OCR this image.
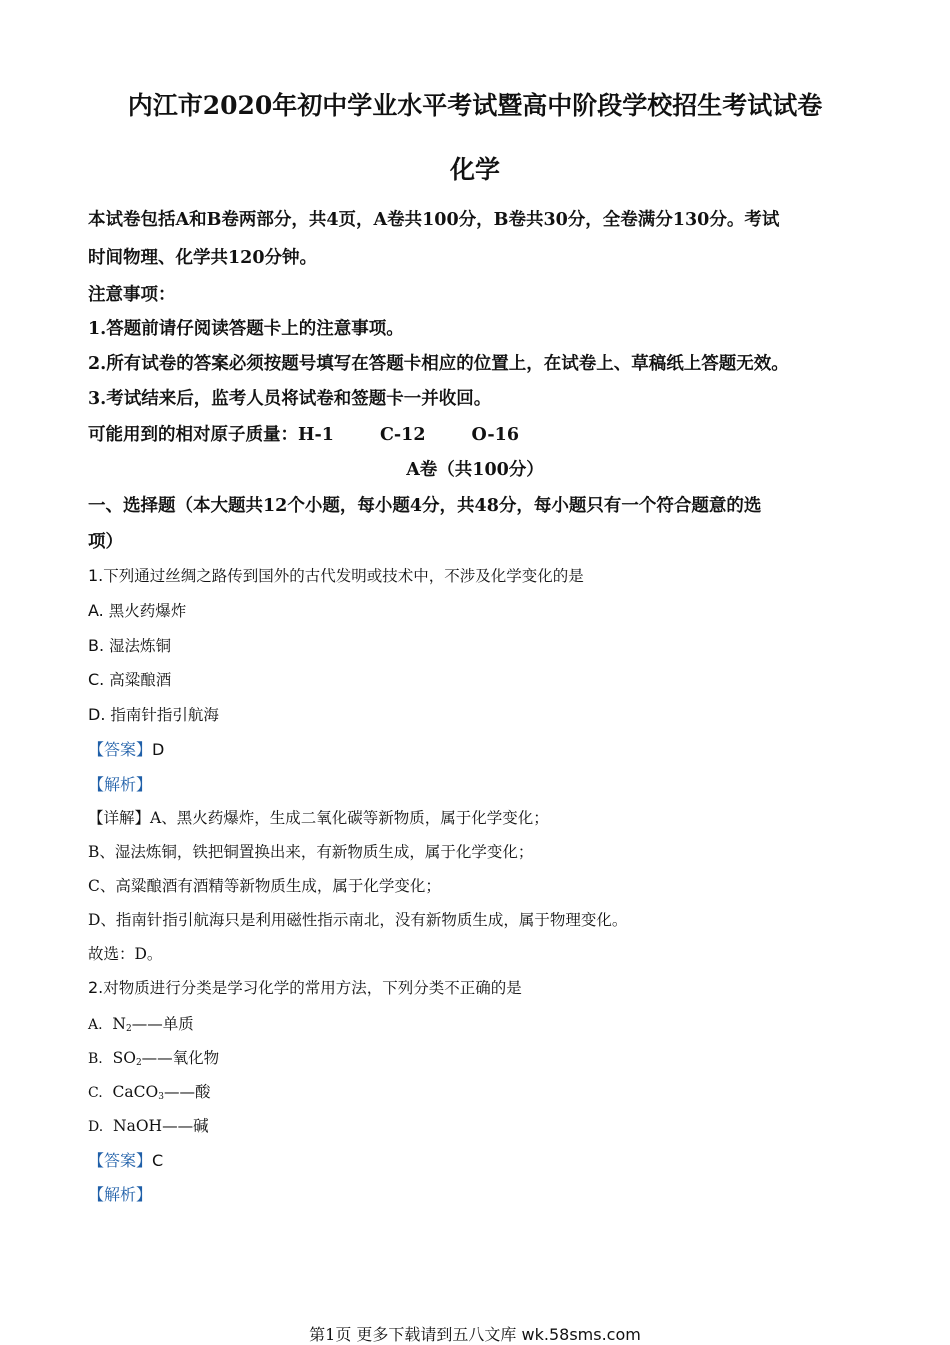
内江市2020年初中学业水平考试暨高中阶段学校招生考试试卷
化学
本试卷包括A和B卷两部分，共4页，A卷共100分，B卷共30分，全卷满分130分。考试
时间物理、化学共120分钟。
注意事项：
1.答题前请仔阅读答题卡上的注意事项。
2.所有试卷的答案必须按题号填写在答题卡相应的位置上，在试卷上、草稿纸上答题无效。
3.考试结来后，监考人员将试卷和签题卡一并收回。
可能用到的相对原子质量：H-1	C-12	O-16
A卷（共100分）
一、选择题（本大题共12个小题，每小题4分，共48分，每小题只有一个符合题意的选
项）
1.下列通过丝绸之路传到国外的古代发明或技术中，不涉及化学变化的是
A. 黑火药爆炸
B. 湿法炼铜
C. 高粱酿酒
D. 指南针指引航海
【答案】D
【解析】
【详解】A、黑火药爆炸，生成二氧化碳等新物质，属于化学变化；
B、湿法炼铜，铁把铜置换出来，有新物质生成，属于化学变化；
C、高粱酿酒有酒精等新物质生成，属于化学变化；
D、指南针指引航海只是利用磁性指示南北，没有新物质生成，属于物理变化。
故选：D。
2.对物质进行分类是学习化学的常用方法，下列分类不正确的是
A. $N_2——$单质
B. $SO_2——$氧化物
C. CaCO$_3$——酸
D. NaOH——碱
【答案】C
【解析】
第1页 更多下载请到五八文库 wk.58sms.com
